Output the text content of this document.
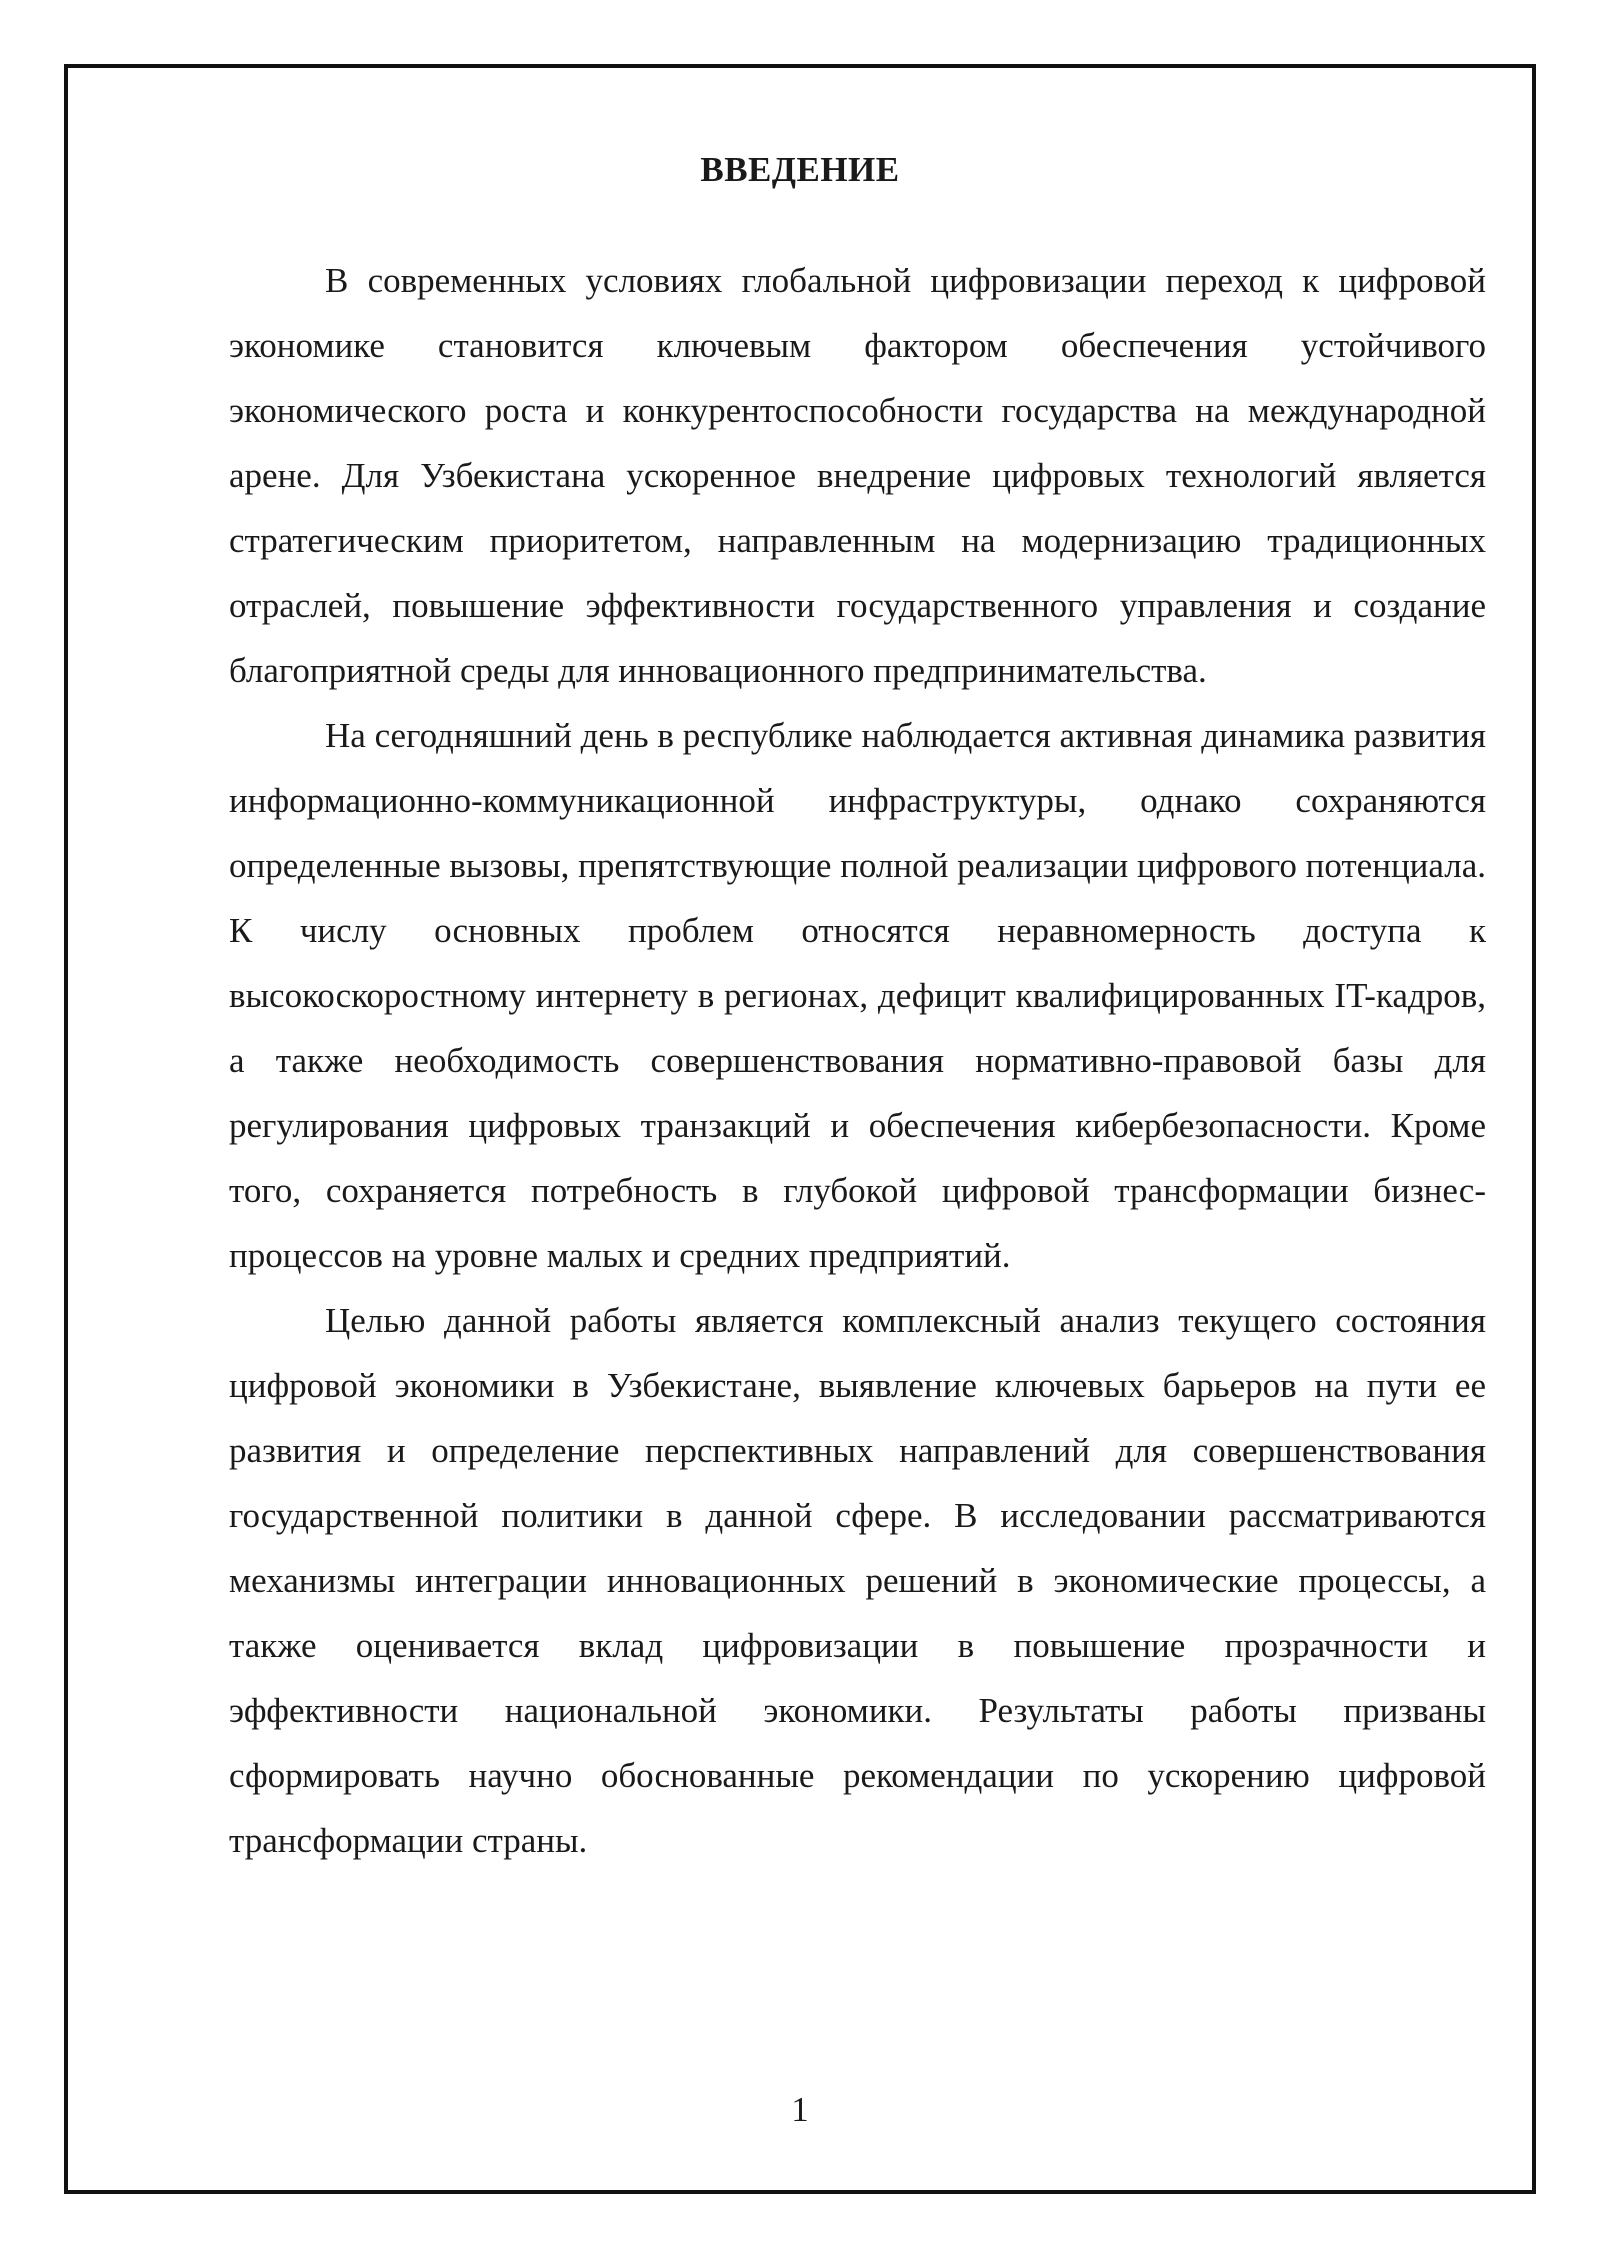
ВВЕДЕНИЕ

В современных условиях глобальной цифровизации переход к цифровой экономике становится ключевым фактором обеспечения устойчивого экономического роста и конкурентоспособности государства на международной арене. Для Узбекистана ускоренное внедрение цифровых технологий является стратегическим приоритетом, направленным на модернизацию традиционных отраслей, повышение эффективности государственного управления и создание благоприятной среды для инновационного предпринимательства.

На сегодняшний день в республике наблюдается активная динамика развития информационно-коммуникационной инфраструктуры, однако сохраняются определенные вызовы, препятствующие полной реализации цифрового потенциала. К числу основных проблем относятся неравномерность доступа к высокоскоростному интернету в регионах, дефицит квалифицированных IT-кадров, а также необходимость совершенствования нормативно-правовой базы для регулирования цифровых транзакций и обеспечения кибербезопасности. Кроме того, сохраняется потребность в глубокой цифровой трансформации бизнес-процессов на уровне малых и средних предприятий.

Целью данной работы является комплексный анализ текущего состояния цифровой экономики в Узбекистане, выявление ключевых барьеров на пути ее развития и определение перспективных направлений для совершенствования государственной политики в данной сфере. В исследовании рассматриваются механизмы интеграции инновационных решений в экономические процессы, а также оценивается вклад цифровизации в повышение прозрачности и эффективности национальной экономики. Результаты работы призваны сформировать научно обоснованные рекомендации по ускорению цифровой трансформации страны.

1
